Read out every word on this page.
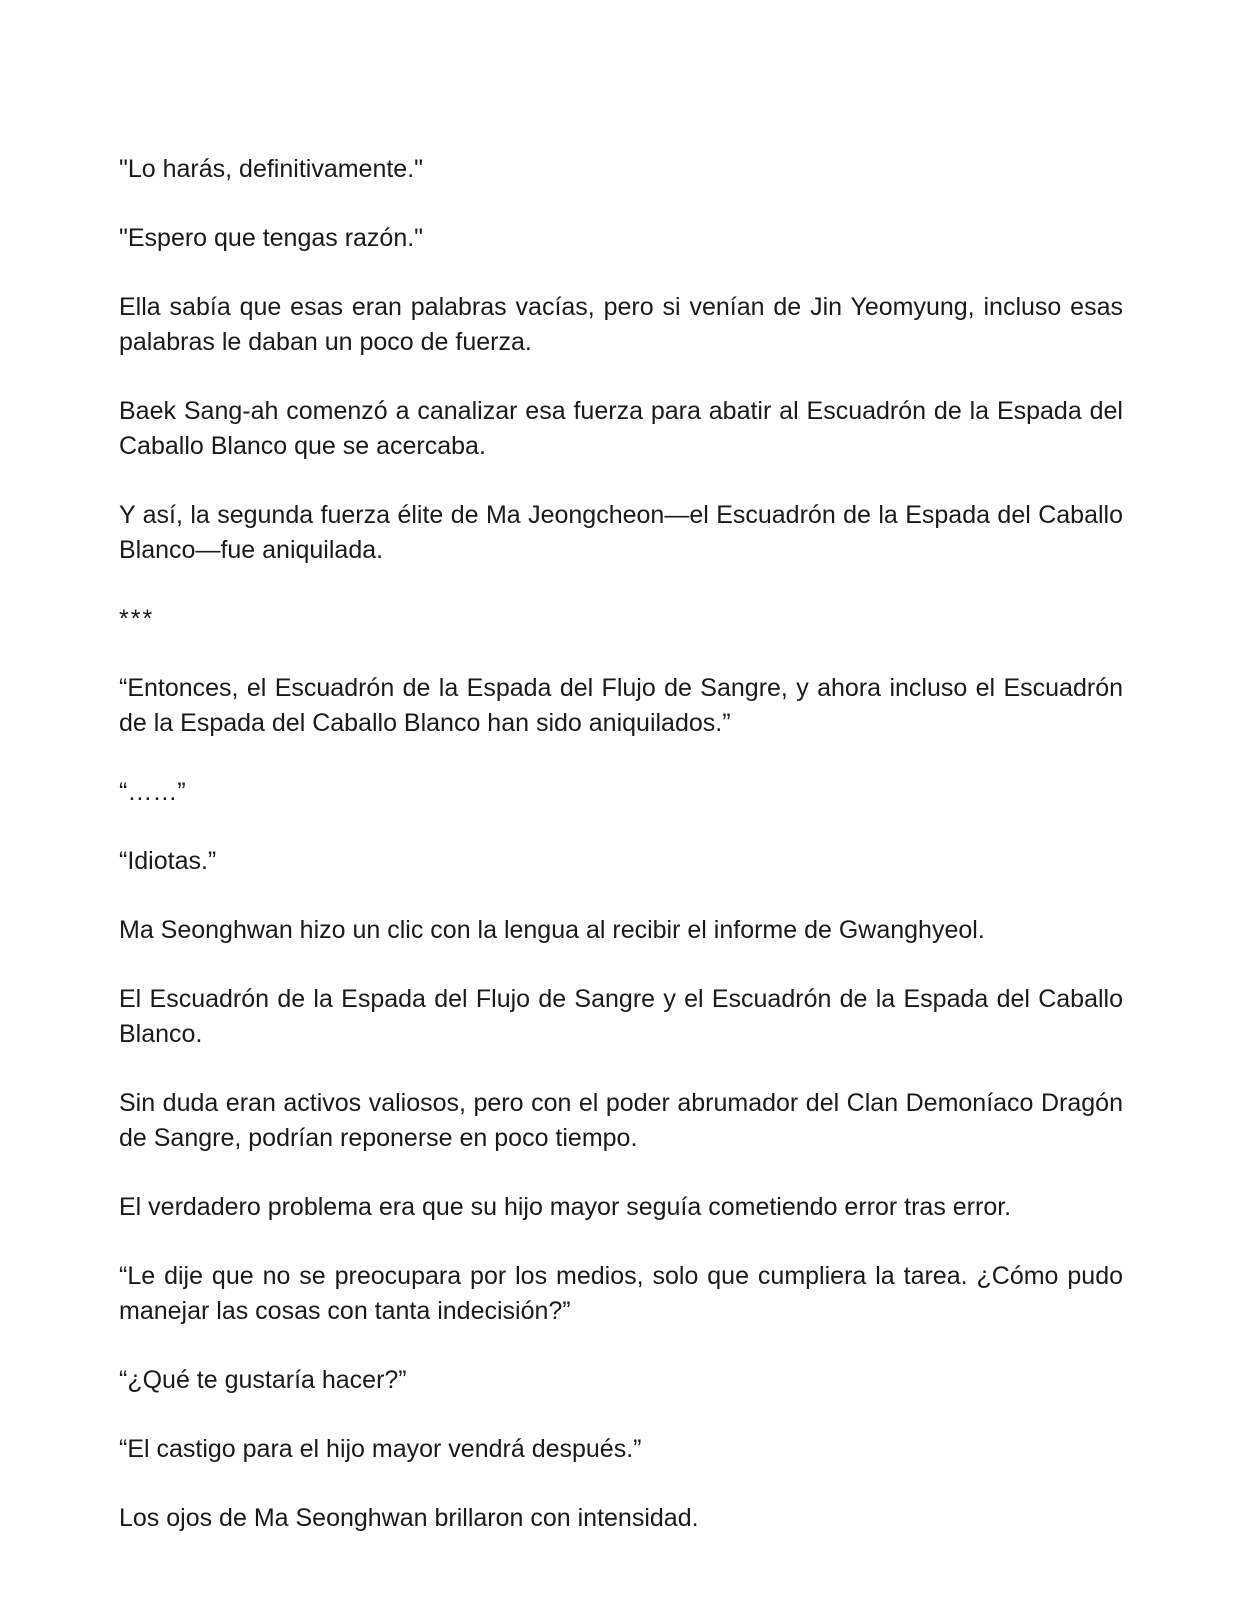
"Lo harás, definitivamente."

"Espero que tengas razón."

Ella sabía que esas eran palabras vacías, pero si venían de Jin Yeomyung, incluso esas palabras le daban un poco de fuerza.

Baek Sang-ah comenzó a canalizar esa fuerza para abatir al Escuadrón de la Espada del Caballo Blanco que se acercaba.

Y así, la segunda fuerza élite de Ma Jeongcheon—el Escuadrón de la Espada del Caballo Blanco—fue aniquilada.

***

“Entonces, el Escuadrón de la Espada del Flujo de Sangre, y ahora incluso el Escuadrón de la Espada del Caballo Blanco han sido aniquilados.”

“……”

“Idiotas.”

Ma Seonghwan hizo un clic con la lengua al recibir el informe de Gwanghyeol.

El Escuadrón de la Espada del Flujo de Sangre y el Escuadrón de la Espada del Caballo Blanco.

Sin duda eran activos valiosos, pero con el poder abrumador del Clan Demoníaco Dragón de Sangre, podrían reponerse en poco tiempo.

El verdadero problema era que su hijo mayor seguía cometiendo error tras error.

“Le dije que no se preocupara por los medios, solo que cumpliera la tarea. ¿Cómo pudo manejar las cosas con tanta indecisión?”

“¿Qué te gustaría hacer?”

“El castigo para el hijo mayor vendrá después.”

Los ojos de Ma Seonghwan brillaron con intensidad.
